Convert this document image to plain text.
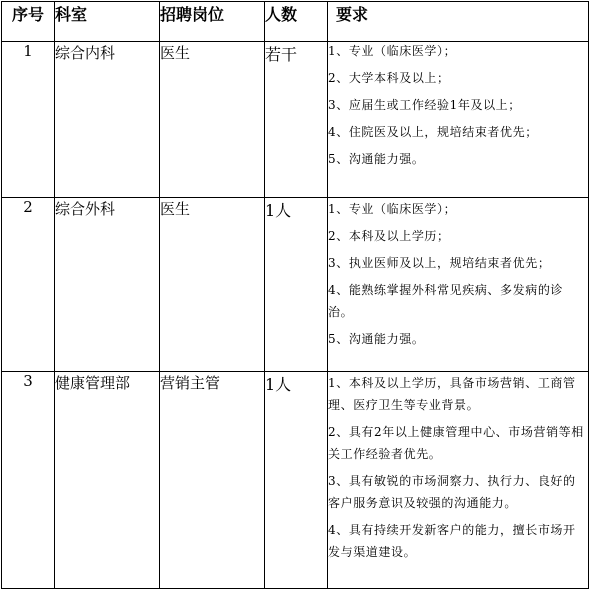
序号	科室	招聘岗位	人数	要求
1	综合内科	医生	若干	1、专业（临床医学）；
2、大学本科及以上；
3、应届生或工作经验1年及以上；
4、住院医及以上，规培结束者优先；
5、沟通能力强。

2	综合外科	医生	1人	1、专业（临床医学）；
2、本科及以上学历；
3、执业医师及以上，规培结束者优先；
4、能熟练掌握外科常见疾病、多发病的诊治。
5、沟通能力强。

3	健康管理部	营销主管	1人	1、本科及以上学历，具备市场营销、工商管理、医疗卫生等专业背景。
2、具有2年以上健康管理中心、市场营销等相关工作经验者优先。
3、具有敏锐的市场洞察力、执行力、良好的客户服务意识及较强的沟通能力。
4、具有持续开发新客户的能力，擅长市场开发与渠道建设。
